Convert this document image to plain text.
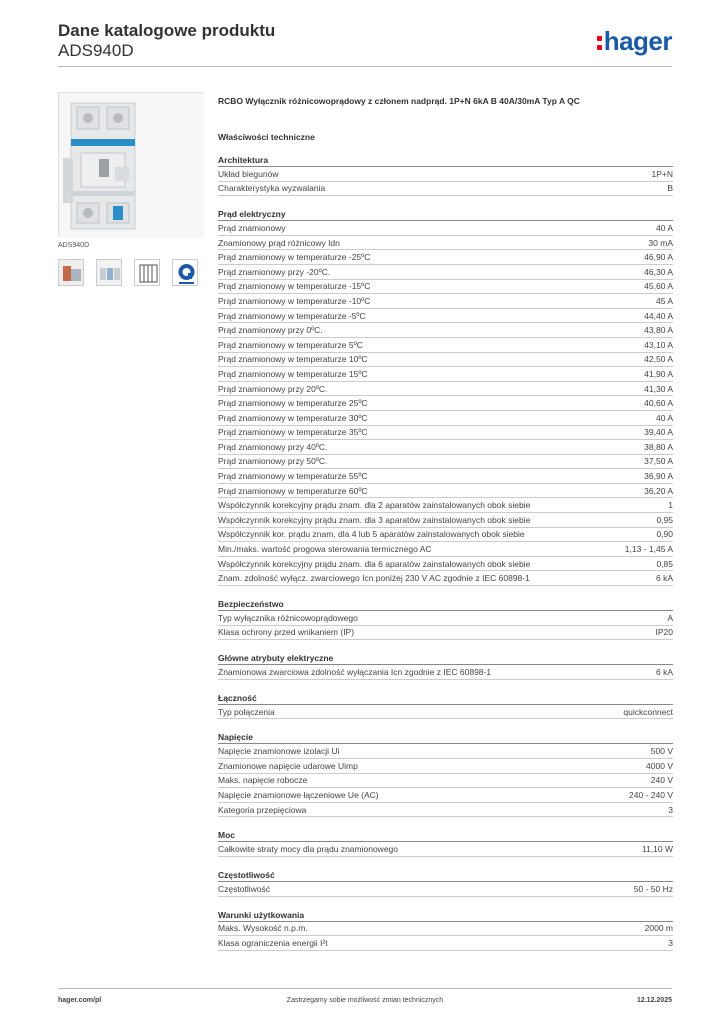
Dane katalogowe produktu
ADS940D	hager
ADS940D
RCBO Wyłącznik różnicowoprądowy z członem nadprąd. 1P+N 6kA B 40A/30mA Typ A QC
Właściwości techniczne
Architektura
Układ biegunów	1P+N
Charakterystyka wyzwalania	B
Prąd elektryczny
Prąd znamionowy	40 A
Znamionowy prąd różnicowy Idn	30 mA
Prąd znamionowy w temperaturze -25ºC	46,90 A
Prąd znamionowy przy -20ºC.	46,30 A
Prąd znamionowy w temperaturze -15ºC	45,60 A
Prąd znamionowy w temperaturze -10ºC	45 A
Prąd znamionowy w temperaturze -5ºC	44,40 A
Prąd znamionowy przy 0ºC.	43,80 A
Prąd znamionowy w temperaturze 5ºC	43,10 A
Prąd znamionowy w temperaturze 10ºC	42,50 A
Prąd znamionowy w temperaturze 15ºC	41,90 A
Prąd znamionowy przy 20ºC.	41,30 A
Prąd znamionowy w temperaturze 25ºC	40,60 A
Prąd znamionowy w temperaturze 30ºC	40 A
Prąd znamionowy w temperaturze 35ºC	39,40 A
Prąd znamionowy przy 40ºC.	38,80 A
Prąd znamionowy przy 50ºC.	37,50 A
Prąd znamionowy w temperaturze 55ºC	36,90 A
Prąd znamionowy w temperaturze 60ºC	36,20 A
Współczynnik korekcyjny prądu znam. dla 2 aparatów zainstalowanych obok siebie	1
Współczynnik korekcyjny prądu znam. dla 3 aparatów zainstalowanych obok siebie	0,95
Współczynnik kor. prądu znam. dla 4 lub 5 aparatów zainstalowanych obok siebie	0,90
Min./maks. wartość progowa sterowania termicznego AC	1,13 - 1,45 A
Współczynnik korekcyjny prądu znam. dla 6 aparatów zainstalowanych obok siebie	0,85
Znam. zdolność wyłącz. zwarciowego Icn poniżej 230 V AC zgodnie z IEC 60898-1	6 kA
Bezpieczeństwo
Typ wyłącznika różnicowoprądowego	A
Klasa ochrony przed wnikaniem (IP)	IP20
Główne atrybuty elektryczne
Znamionowa zwarciowa zdolność wyłączania Icn zgodnie z IEC 60898-1	6 kA
Łączność
Typ połączenia	quickconnect
Napięcie
Napięcie znamionowe izolacji Ui	500 V
Znamionowe napięcie udarowe Uimp	4000 V
Maks. napięcie robocze	240 V
Napięcie znamionowe łączeniowe Ue (AC)	240 - 240 V
Kategoria przepięciowa	3
Moc
Całkowite straty mocy dla prądu znamionowego	11,10 W
Częstotliwość
Częstotliwość	50 - 50 Hz
Warunki użytkowania
Maks. Wysokość n.p.m.	2000 m
Klasa ograniczenia energii I²t	3
hager.com/pl	Zastrzegamy sobie możliwość zmian technicznych	12.12.2025
